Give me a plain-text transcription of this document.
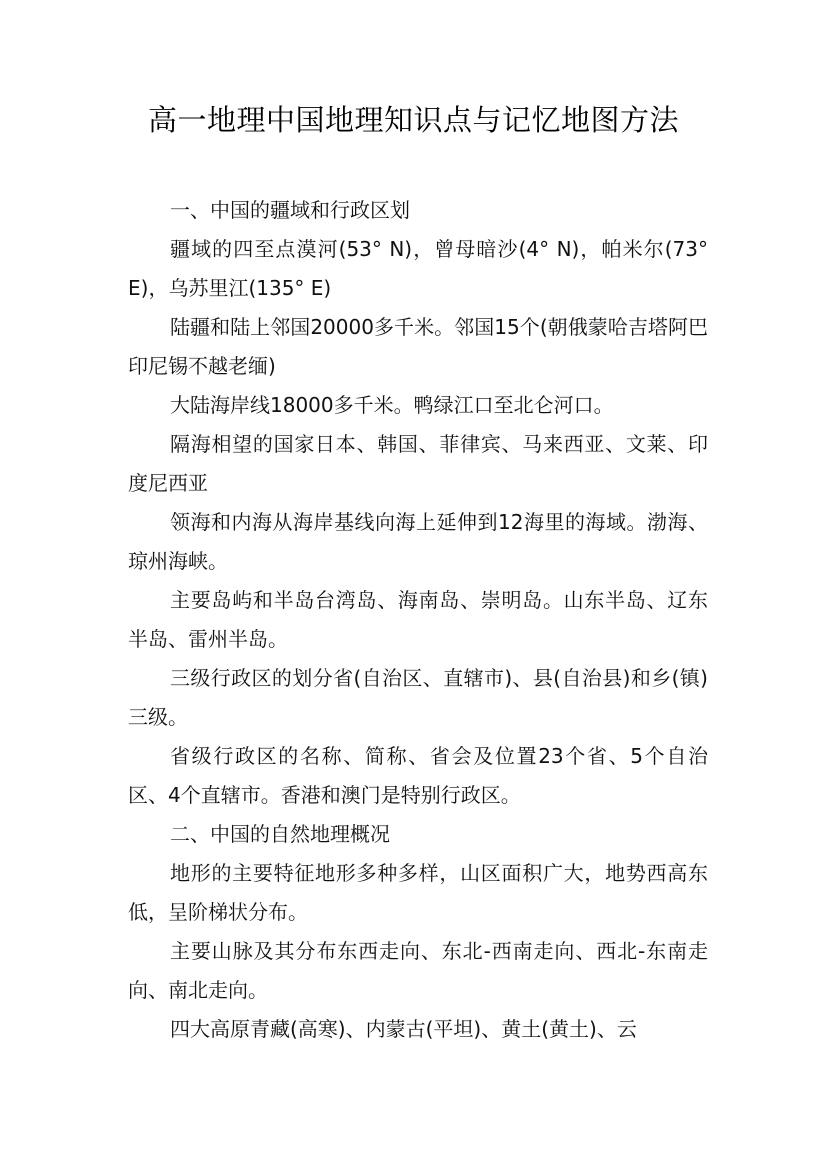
高一地理中国地理知识点与记忆地图方法

一、中国的疆域和行政区划

疆域的四至点漠河(53° N)，曾母暗沙(4° N)，帕米尔(73° E)，乌苏里江(135° E)

陆疆和陆上邻国20000多千米。邻国15个(朝俄蒙哈吉塔阿巴印尼锡不越老缅)

大陆海岸线18000多千米。鸭绿江口至北仑河口。

隔海相望的国家日本、韩国、菲律宾、马来西亚、文莱、印度尼西亚

领海和内海从海岸基线向海上延伸到12海里的海域。渤海、琼州海峡。

主要岛屿和半岛台湾岛、海南岛、崇明岛。山东半岛、辽东半岛、雷州半岛。

三级行政区的划分省(自治区、直辖市)、县(自治县)和乡(镇)三级。

省级行政区的名称、简称、省会及位置23个省、5个自治区、4个直辖市。香港和澳门是特别行政区。

二、中国的自然地理概况

地形的主要特征地形多种多样，山区面积广大，地势西高东低，呈阶梯状分布。

主要山脉及其分布东西走向、东北-西南走向、西北-东南走向、南北走向。

四大高原青藏(高寒)、内蒙古(平坦)、黄土(黄土)、云
